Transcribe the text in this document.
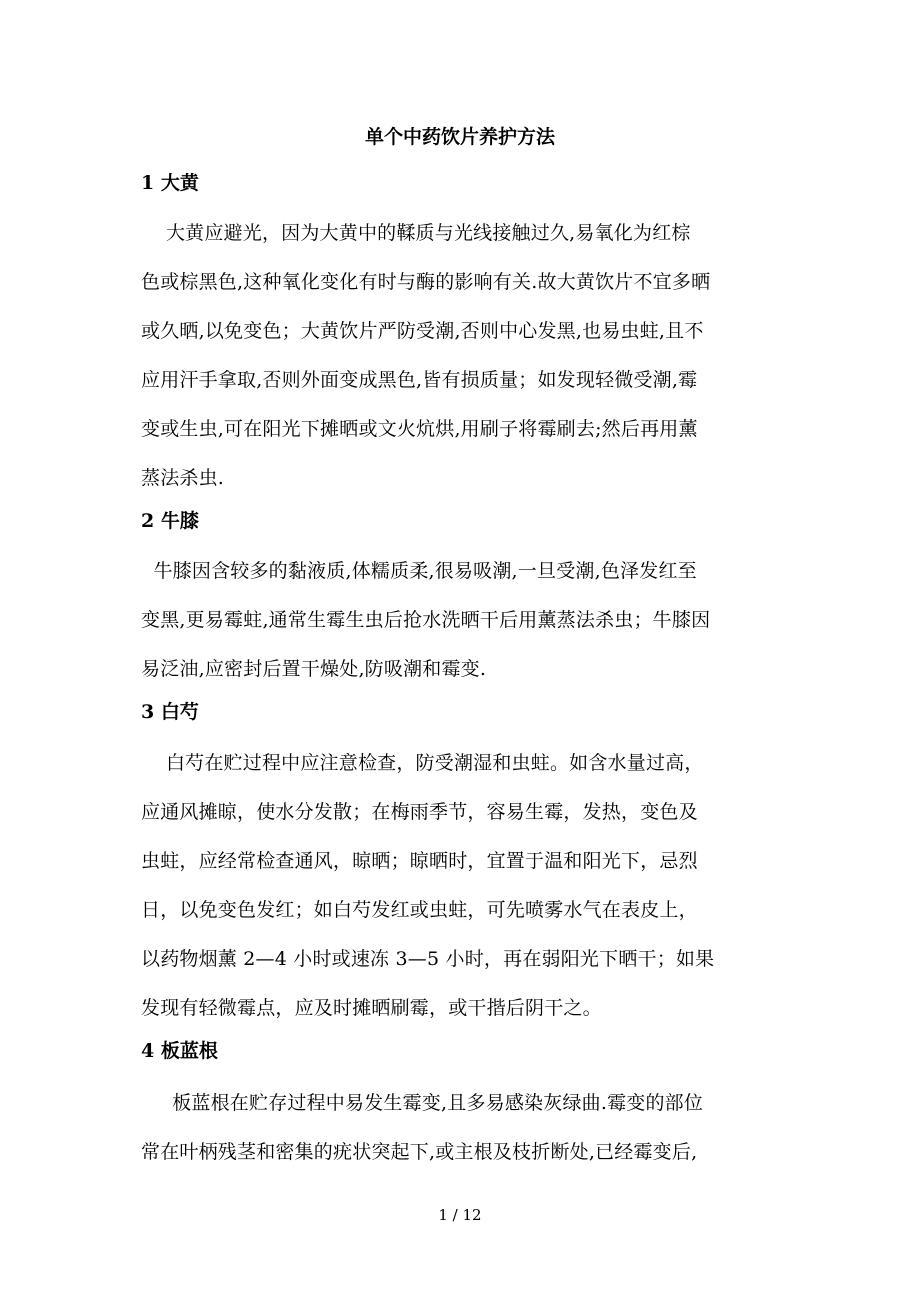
单个中药饮片养护方法
1 大黄
大黄应避光，因为大黄中的鞣质与光线接触过久,易氧化为红棕
色或棕黑色,这种氧化变化有时与酶的影响有关.故大黄饮片不宜多晒
或久晒,以免变色；大黄饮片严防受潮,否则中心发黑,也易虫蛀,且不
应用汗手拿取,否则外面变成黑色,皆有损质量；如发现轻微受潮,霉
变或生虫,可在阳光下摊晒或文火炕烘,用刷子将霉刷去;然后再用薰
蒸法杀虫.
2 牛膝
牛膝因含较多的黏液质,体糯质柔,很易吸潮,一旦受潮,色泽发红至
变黑,更易霉蛀,通常生霉生虫后抢水洗晒干后用薰蒸法杀虫；牛膝因
易泛油,应密封后置干燥处,防吸潮和霉变.
3 白芍
白芍在贮过程中应注意检查，防受潮湿和虫蛀。如含水量过高，
应通风摊晾，使水分发散；在梅雨季节，容易生霉，发热，变色及
虫蛀，应经常检查通风，晾晒；晾晒时，宜置于温和阳光下，忌烈
日，以免变色发红；如白芍发红或虫蛀，可先喷雾水气在表皮上，
以药物烟薰 2—4 小时或速冻 3—5 小时，再在弱阳光下晒干；如果
发现有轻微霉点，应及时摊晒刷霉，或干揩后阴干之。
4 板蓝根
板蓝根在贮存过程中易发生霉变,且多易感染灰绿曲.霉变的部位
常在叶柄残茎和密集的疣状突起下,或主根及枝折断处,已经霉变后,
1 / 12
